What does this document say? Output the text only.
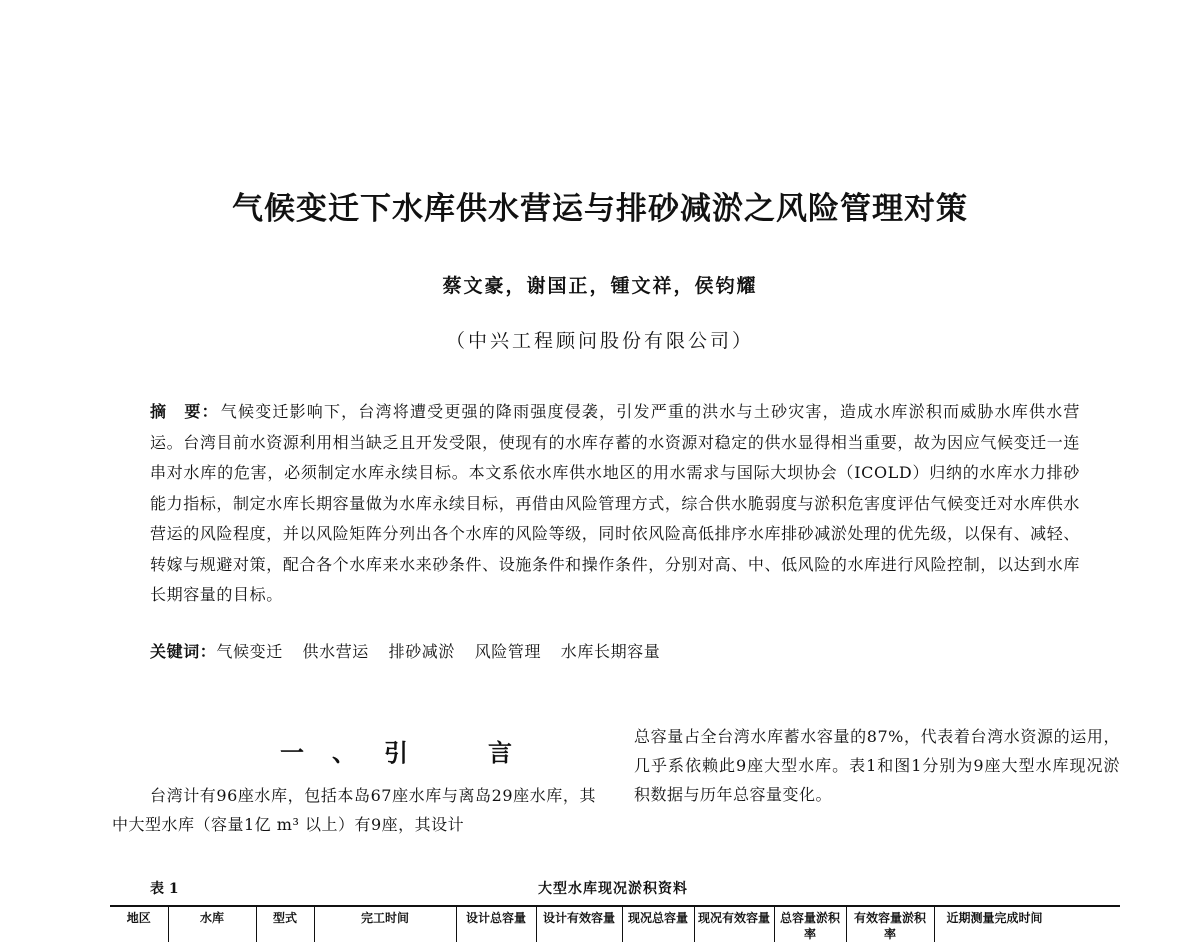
气候变迁下水库供水营运与排砂减淤之风险管理对策
蔡文豪，谢国正，锺文祥，侯钧耀
（中兴工程顾问股份有限公司）

摘　要： 气候变迁影响下，台湾将遭受更强的降雨强度侵袭，引发严重的洪水与土砂灾害，造成水库淤积而威胁水库供水营运。台湾目前水资源利用相当缺乏且开发受限，使现有的水库存蓄的水资源对稳定的供水显得相当重要，故为因应气候变迁一连串对水库的危害，必须制定水库永续目标。本文系依水库供水地区的用水需求与国际大坝协会（ICOLD）归纳的水库水力排砂能力指标，制定水库长期容量做为水库永续目标，再借由风险管理方式，综合供水脆弱度与淤积危害度评估气候变迁对水库供水营运的风险程度，并以风险矩阵分列出各个水库的风险等级，同时依风险高低排序水库排砂减淤处理的优先级，以保有、减轻、转嫁与规避对策，配合各个水库来水来砂条件、设施条件和操作条件，分别对高、中、低风险的水库进行风险控制，以达到水库长期容量的目标。

关键词：气候变迁 供水营运 排砂减淤 风险管理 水库长期容量
一、引　言

台湾计有96座水库，包括本岛67座水库与离岛29座水库，其中大型水库（容量1亿 m³ 以上）有9座，其设计

总容量占全台湾水库蓄水容量的87%，代表着台湾水资源的运用，几乎系依赖此9座大型水库。表1和图1分别为9座大型水库现况淤积数据与历年总容量变化。

表 1	大型水库现况淤积资料
地区	水库	型式	完工时间	设计总容量	设计有效容量	现况总容量	现况有效容量	总容量淤积率	有效容量淤积率	近期测量完成时间
